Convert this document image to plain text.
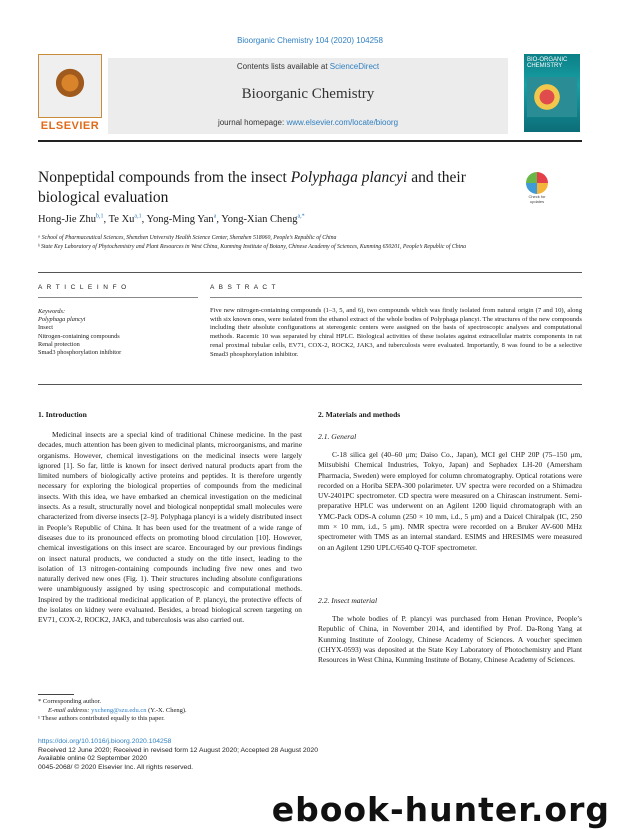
Bioorganic Chemistry 104 (2020) 104258
ELSEVIER
Contents lists available at ScienceDirect
Bioorganic Chemistry
journal homepage: www.elsevier.com/locate/bioorg
BIO-ORGANIC CHEMISTRY
Nonpeptidal compounds from the insect Polyphaga plancyi and their biological evaluation	Check for updates
Hong-Jie Zhu$^{b,1}$, Te Xu$^{a,1}$, Yong-Ming Yan$^a$, Yong-Xian Cheng$^{a,*}$
ᵃ School of Pharmaceutical Sciences, Shenzhen University Health Science Center, Shenzhen 518060, People’s Republic of China
ᵇ State Key Laboratory of Phytochemistry and Plant Resources in West China, Kunming Institute of Botany, Chinese Academy of Sciences, Kunming 650201, People’s Republic of China
A R T I C L E I N F O
Keywords:
Polyphaga plancyi
Insect
Nitrogen-containing compounds
Renal protection
Smad3 phosphorylation inhibitor
A B S T R A C T
Five new nitrogen-containing compounds (1–3, 5, and 6), two compounds which was firstly isolated from natural origin (7 and 10), along with six known ones, were isolated from the ethanol extract of the whole bodies of Polyphaga plancyi. The structures of the new compounds including their absolute configurations at stereogenic centers were assigned on the basis of spectroscopic analyses and computational methods. Racemic 10 was separated by chiral HPLC. Biological activities of these isolates against extracellular matrix components in rat renal proximal tubular cells, EV71, COX-2, ROCK2, JAK3, and tuberculosis were evaluated. Importantly, 8 was found to be a selective Smad3 phosphorylation inhibitor.
1. Introduction

Medicinal insects are a special kind of traditional Chinese medicine. In the past decades, much attention has been given to medicinal plants, microorganisms, and marine organisms. However, chemical investigations on the medicinal insects were largely ignored [1]. So far, little is known for insect derived natural products apart from the limited numbers of biologically active proteins and peptides. It is therefore urgently necessary for exploring the biological properties of compounds from the medicinal insects. With this idea, we have embarked an chemical investigation on the medicinal insects. As a result, structurally novel and biological nonpeptidal small molecules were characterized from diverse insects [2–9]. Polyphaga plancyi is a widely distributed insect in People’s Republic of China. It has been used for the treatment of a wide range of diseases due to its pronounced effects on promoting blood circulation [10]. However, chemical investigations on this insect are scarce. Encouraged by our previous findings on insect natural products, we conducted a study on the title insect, leading to the isolation of 13 nitrogen-containing compounds including five new ones and two naturally derived new ones (Fig. 1). Their structures including absolute configurations were unambiguously assigned by using spectroscopic and computational methods. Inspired by the traditional medicinal application of P. plancyi, the protective effects of the isolates on kidney were evaluated. Besides, a broad biological screen targeting on EV71, COX-2, ROCK2, JAK3, and tuberculosis was also carried out.

2. Materials and methods
2.1. General

C-18 silica gel (40–60 μm; Daiso Co., Japan), MCI gel CHP 20P (75–150 μm, Mitsubishi Chemical Industries, Tokyo, Japan) and Sephadex LH-20 (Amersham Pharmacia, Sweden) were employed for column chromatography. Optical rotations were recorded on a Horiba SEPA-300 polarimeter. UV spectra were recorded on a Shimadzu UV-2401PC spectrometer. CD spectra were measured on a Chirascan instrument. Semi-preparative HPLC was underwent on an Agilent 1200 liquid chromatograph with an YMC-Pack ODS-A column (250 × 10 mm, i.d., 5 μm) and a Daicel Chiralpak (IC, 250 mm × 10 mm, i.d., 5 μm). NMR spectra were recorded on a Bruker AV-600 MHz spectrometer with TMS as an internal standard. ESIMS and HRESIMS were measured on an Agilent 1290 UPLC/6540 Q-TOF spectrometer.

2.2. Insect material

The whole bodies of P. plancyi was purchased from Henan Province, People’s Republic of China, in November 2014, and identified by Prof. Da-Rong Yang at Kunming Institute of Zoology, Chinese Academy of Sciences. A voucher specimen (CHYX-0593) was deposited at the State Key Laboratory of Photochemistry and Plant Resources in West China, Kunming Institute of Botany, Chinese Academy of Sciences.

* Corresponding author.
E-mail address: yxcheng@szu.edu.cn (Y.-X. Cheng).
¹ These authors contributed equally to this paper.
https://doi.org/10.1016/j.bioorg.2020.104258
Received 12 June 2020; Received in revised form 12 August 2020; Accepted 28 August 2020
Available online 02 September 2020
0045-2068/ © 2020 Elsevier Inc. All rights reserved.
ebook-hunter.org
